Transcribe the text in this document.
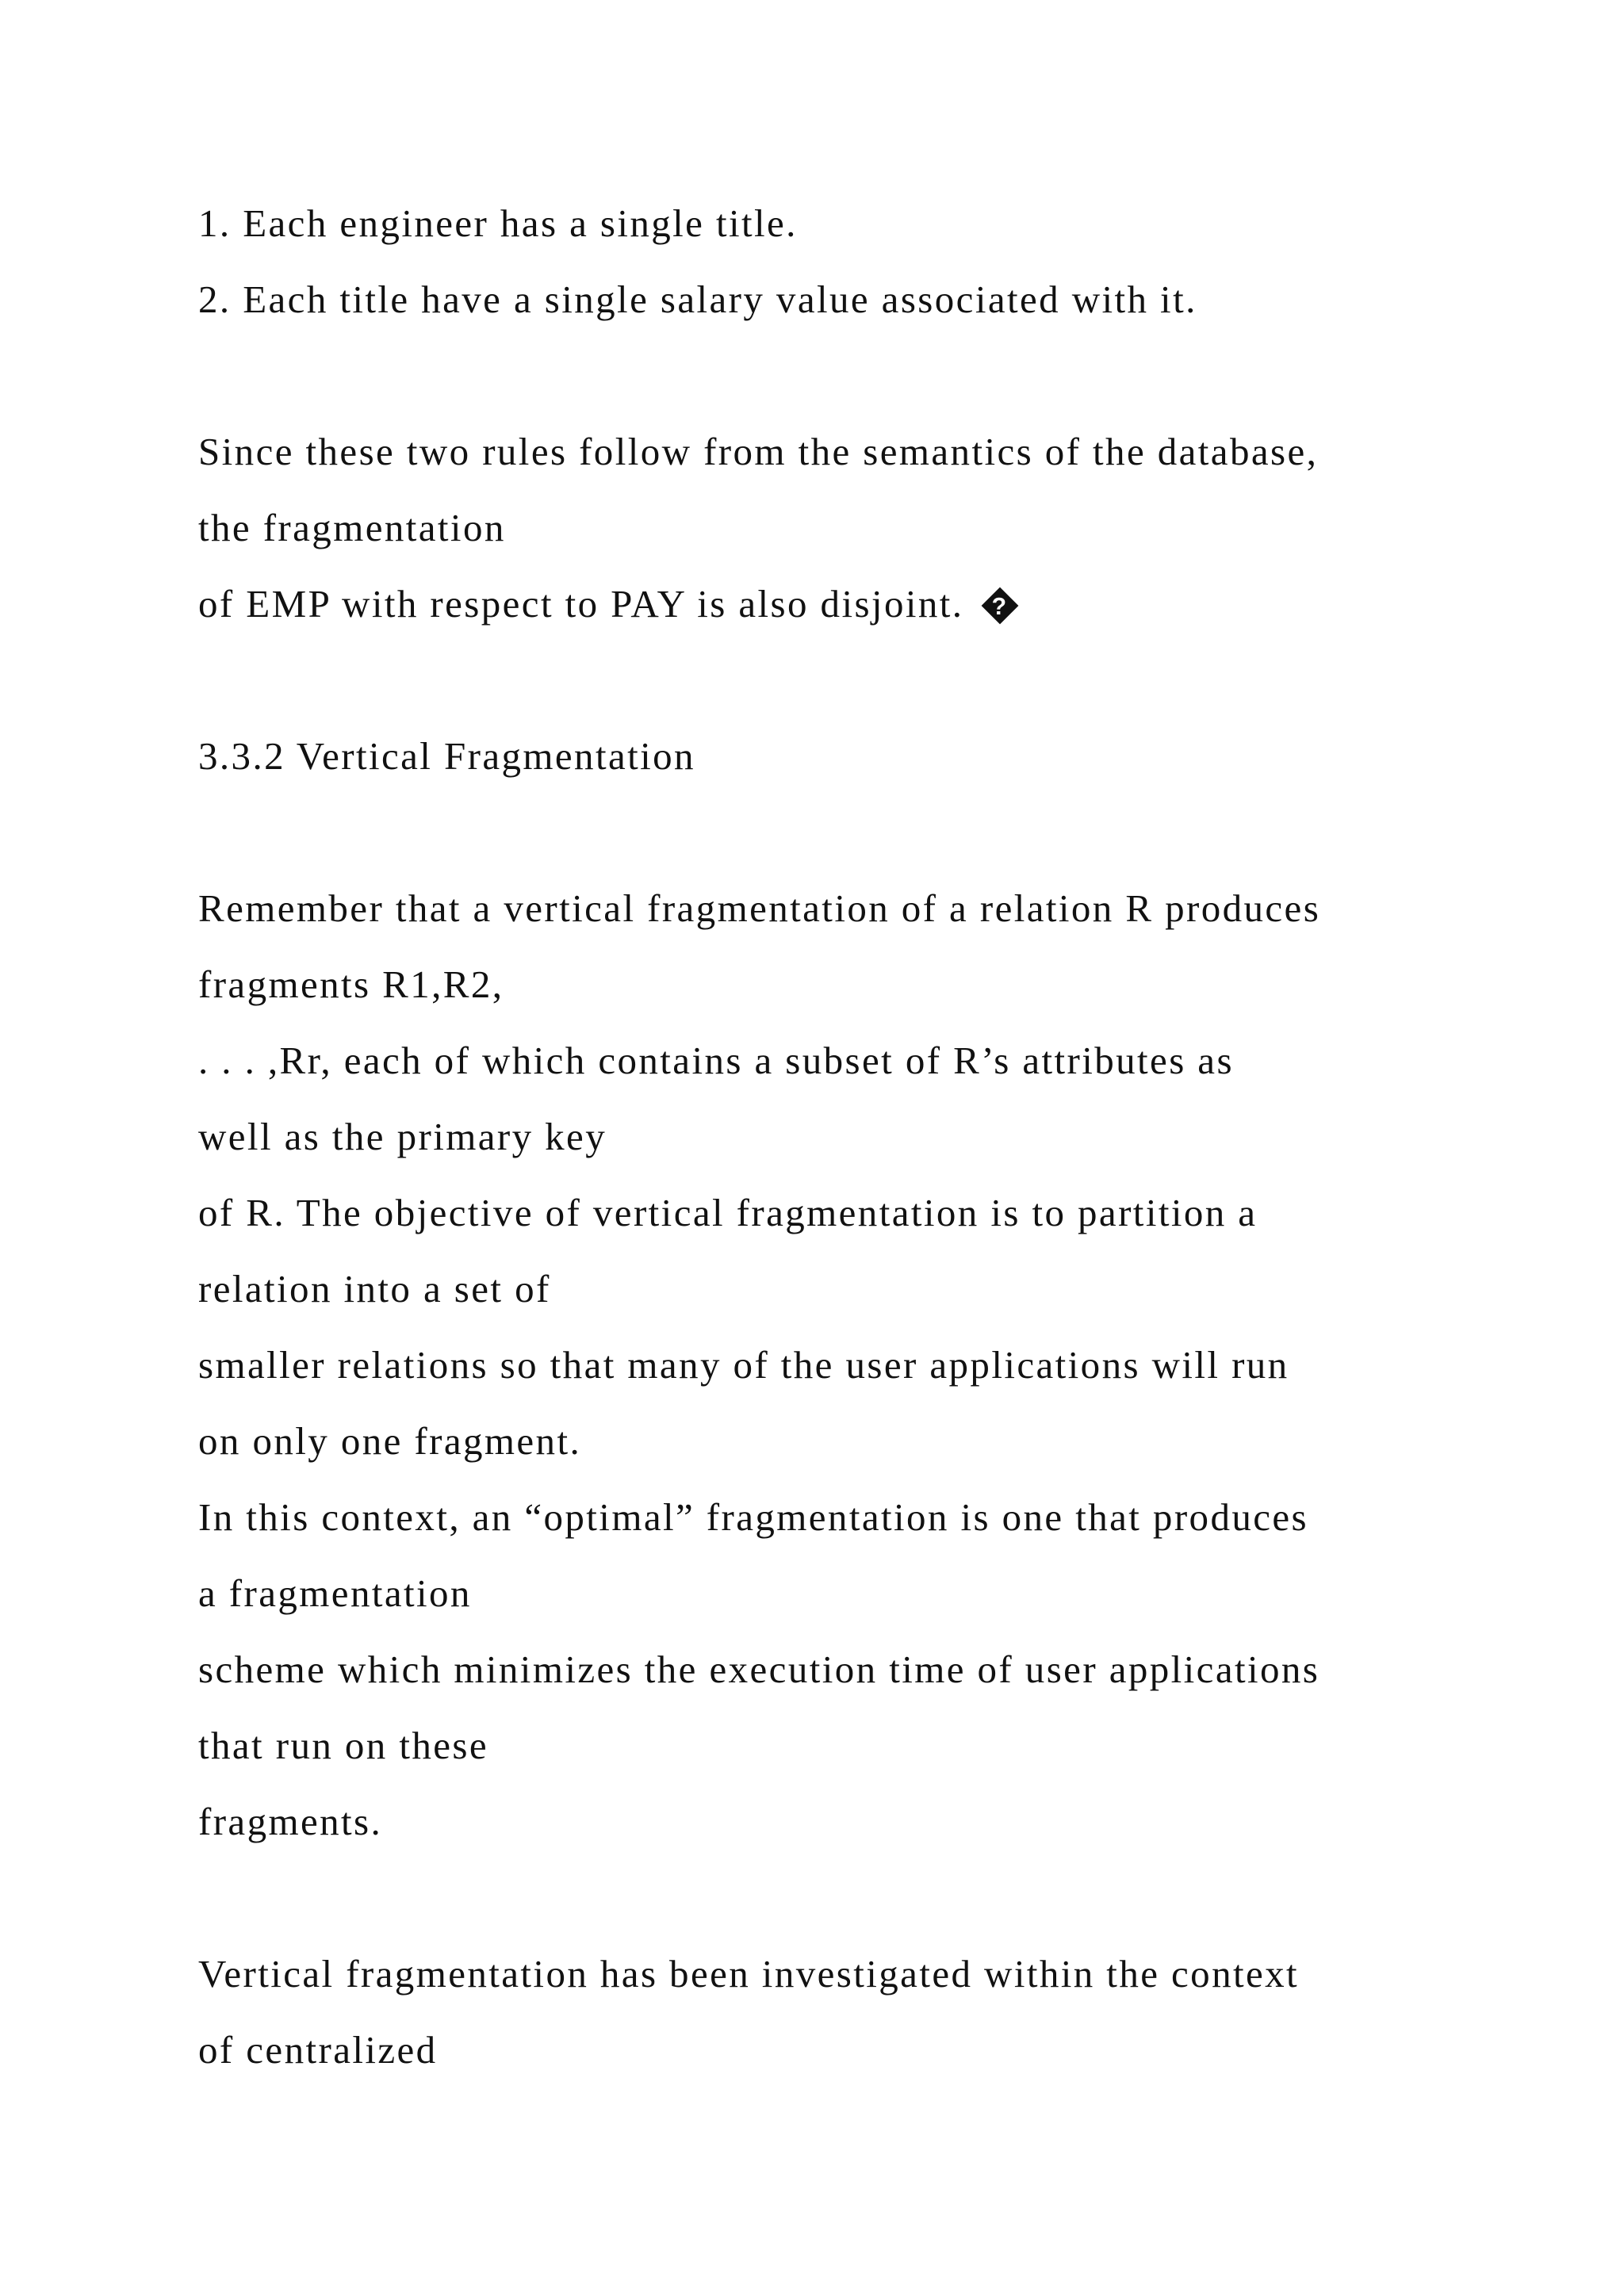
1. Each engineer has a single title.

2. Each title have a single salary value associated with it.

Since these two rules follow from the semantics of the database,

the fragmentation

of EMP with respect to PAY is also disjoint. ?

3.3.2 Vertical Fragmentation

Remember that a vertical fragmentation of a relation R produces

fragments R1,R2,

. . . ,Rr, each of which contains a subset of R’s attributes as

well as the primary key

of R. The objective of vertical fragmentation is to partition a

relation into a set of

smaller relations so that many of the user applications will run

on only one fragment.

In this context, an “optimal” fragmentation is one that produces

a fragmentation

scheme which minimizes the execution time of user applications

that run on these

fragments.

Vertical fragmentation has been investigated within the context

of centralized
